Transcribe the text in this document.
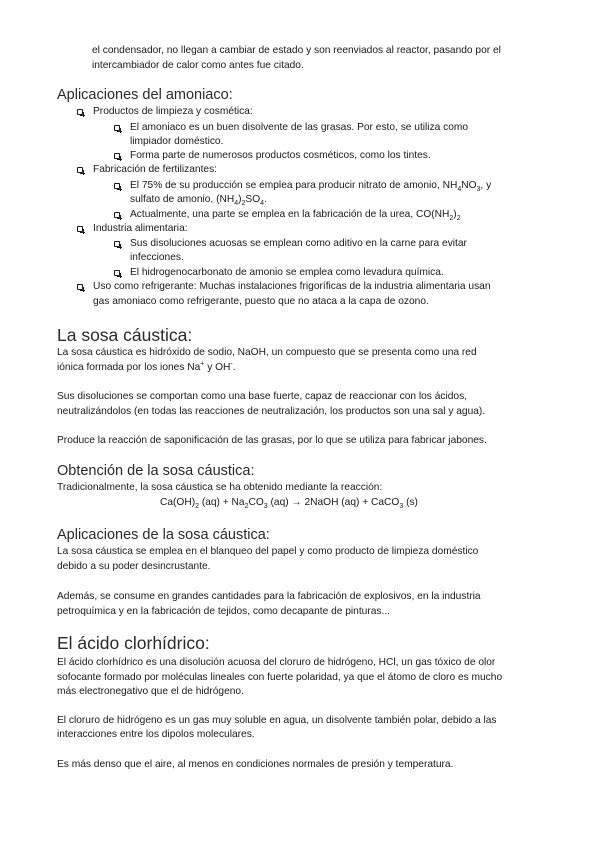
el condensador, no llegan a cambiar de estado y son reenviados al reactor, pasando por el

intercambiador de calor como antes fue citado.

Aplicaciones del amoniaco:

Productos de limpieza y cosmética:

El amoniaco es un buen disolvente de las grasas. Por esto, se utiliza como

limpiador doméstico.

Forma parte de numerosos productos cosméticos, como los tintes.

Fabricación de fertilizantes:

El 75% de su producción se emplea para producir nitrato de amonio, $NH_4NO_3$, y

sulfato de amonio, $(NH_4)_2SO_4$.

Actualmente, una parte se emplea en la fabricación de la urea, $CO(NH_2)_2$

Industria alimentaria:

Sus disoluciones acuosas se emplean como aditivo en la carne para evitar

infecciones.

El hidrogenocarbonato de amonio se emplea como levadura química.

Uso como refrigerante: Muchas instalaciones frigoríficas de la industria alimentaria usan

gas amoniaco como refrigerante, puesto que no ataca a la capa de ozono.

La sosa cáustica:

La sosa cáustica es hidróxido de sodio, NaOH, un compuesto que se presenta como una red

iónica formada por los iones Na+ y OH-.

Sus disoluciones se comportan como una base fuerte, capaz de reaccionar con los ácidos,

neutralizándolos (en todas las reacciones de neutralización, los productos son una sal y agua).

Produce la reacción de saponificación de las grasas, por lo que se utiliza para fabricar jabones.

Obtención de la sosa cáustica:

Tradicionalmente, la sosa cáustica se ha obtenido mediante la reacción:

$Ca(OH)_2$ $(aq) + Na_2CO_3$ (aq) → 2NaOH (aq) + CaCO$_3$ (s)

Aplicaciones de la sosa cáustica:

La sosa cáustica se emplea en el blanqueo del papel y como producto de limpieza doméstico

debido a su poder desincrustante.

Además, se consume en grandes cantidades para la fabricación de explosivos, en la industria

petroquímica y en la fabricación de tejidos, como decapante de pinturas...

El ácido clorhídrico:

El ácido clorhídrico es una disolución acuosa del cloruro de hidrógeno, HCl, un gas tóxico de olor

sofocante formado por moléculas lineales con fuerte polaridad, ya que el átomo de cloro es mucho

más electronegativo que el de hidrógeno.

El cloruro de hidrógeno es un gas muy soluble en agua, un disolvente también polar, debido a las

interacciones entre los dipolos moleculares.

Es más denso que el aire, al menos en condiciones normales de presión y temperatura.
